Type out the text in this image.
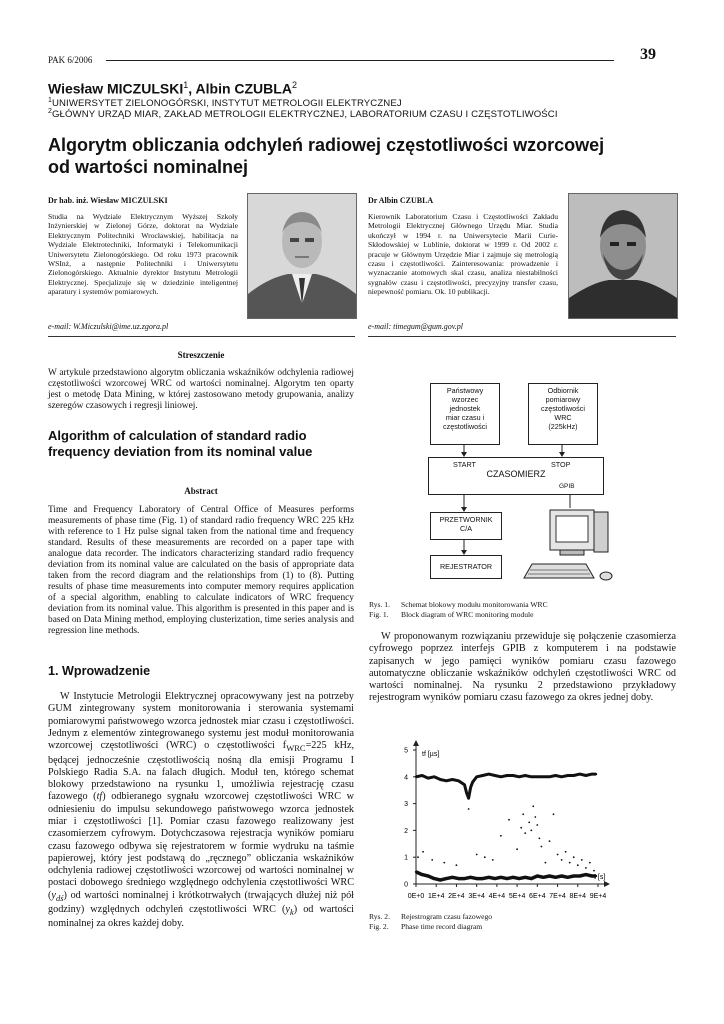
PAK 6/2006	39
Wiesław MICZULSKI$^1$, Albin CZUBLA$^2$
$^1$UNIWERSYTET ZIELONOGÓRSKI, INSTYTUT METROLOGII ELEKTRYCZNEJ
$^2$GŁÓWNY URZĄD MIAR, ZAKŁAD METROLOGII ELEKTRYCZNEJ, LABORATORIUM CZASU I CZĘSTOTLIWOŚCI
Algorytm obliczania odchyleń radiowej częstotliwości wzorcowej od wartości nominalnej
Dr hab. inż. Wiesław MICZULSKI
Studia na Wydziale Elektrycznym Wyższej Szkoły Inżynierskiej w Zielonej Górze, doktorat na Wydziale Elektrycznym Politechniki Wrocławskiej, habilitacja na Wydziale Elektrotechniki, Informatyki i Telekomunikacji Uniwersytetu Zielonogórskiego. Od roku 1973 pracownik WSInż, a następnie Politechniki i Uniwersytetu Zielonogórskiego. Aktualnie dyrektor Instytutu Metrologii Elektrycznej. Specjalizuje się w dziedzinie inteligentnej aparatury i systemów pomiarowych.
e-mail: W.Miczulski@ime.uz.zgora.pl
Dr Albin CZUBLA
Kierownik Laboratorium Czasu i Częstotliwości Zakładu Metrologii Elektrycznej Głównego Urzędu Miar. Studia ukończył w 1994 r. na Uniwersytecie Marii Curie-Skłodowskiej w Lublinie, doktorat w 1999 r. Od 2002 r. pracuje w Głównym Urzędzie Miar i zajmuje się metrologią czasu i częstotliwości. Zainteresowania: prowadzenie i wyznaczanie atomowych skal czasu, analiza niestabilności sygnałów czasu i częstotliwości, precyzyjny transfer czasu, niepewność pomiaru. Ok. 10 publikacji.
e-mail: timegum@gum.gov.pl
Streszczenie
W artykule przedstawiono algorytm obliczania wskaźników odchylenia radiowej częstotliwości wzorcowej WRC od wartości nominalnej. Algorytm ten oparty jest o metodę Data Mining, w której zastosowano metody grupowania, analizy szeregów czasowych i regresji liniowej.
Algorithm of calculation of standard radio frequency deviation from its nominal value
Abstract
Time and Frequency Laboratory of Central Office of Measures performs measurements of phase time (Fig. 1) of standard radio frequency WRC 225 kHz with reference to 1 Hz pulse signal taken from the national time and frequency standard. Results of these measurements are recorded on a paper tape with analogue data recorder. The indicators characterizing standard radio frequency deviation from its nominal value are calculated on the basis of appropriate data taken from the record diagram and the relationships from (1) to (8). Putting results of phase time measurements into computer memory requires application of a special algorithm, enabling to calculate indicators of WRC frequency deviation from its nominal value. This algorithm is presented in this paper and is based on Data Mining method, employing clusterization, time series analysis and regression line methods.
1. Wprowadzenie
W Instytucie Metrologii Elektrycznej opracowywany jest na potrzeby GUM zintegrowany system monitorowania i sterowania systemami pomiarowymi państwowego wzorca jednostek miar czasu i częstotliwości. Jednym z elementów zintegrowanego systemu jest moduł monitorowania wzorcowej częstotliwości (WRC) o częstotliwości $f_{WRC}=225$ kHz, będącej jednocześnie częstotliwością nośną dla emisji Programu I Polskiego Radia S.A. na falach długich. Moduł ten, którego schemat blokowy przedstawiono na rysunku 1, umożliwia rejestrację czasu fazowego (tf) odbieranego sygnału wzorcowej częstotliwości WRC w odniesieniu do impulsu sekundowego państwowego wzorca jednostek miar i częstotliwości [1]. Pomiar czasu fazowego realizowany jest czasomierzem cyfrowym. Dotychczasowa rejestracja wyników pomiaru czasu fazowego odbywa się rejestratorem w formie wydruku na taśmie papierowej, który jest podstawą do „ręcznego” obliczania wskaźników odchylenia radiowej częstotliwości wzorcowej od wartości nominalnej w postaci dobowego średniego względnego odchylenia częstotliwości WRC $(y_{dś})$ od wartości nominalnej i krótkotrwałych (trwających dłużej niż pół godziny) względnych odchyleń częstotliwości WRC $(y_k)$ od wartości nominalnej za okres każdej doby.
Państwowy
wzorzec
jednostek
miar czasu i
częstotliwości
Odbiornik
pomiarowy
częstotliwości
WRC
(225kHz)
START	STOP
CZASOMIERZ
GPIB
PRZETWORNIK
C/A
REJESTRATOR
Rys. 1. Schemat blokowy modułu monitorowania WRC
Fig. 1. Block diagram of WRC monitoring module
W proponowanym rozwiązaniu przewiduje się połączenie czasomierza cyfrowego poprzez interfejs GPIB z komputerem i na podstawie zapisanych w jego pamięci wyników pomiaru czasu fazowego automatyczne obliczanie wskaźników odchyleń częstotliwości WRC od wartości nominalnej. Na rysunku 2 przedstawiono przykładowy rejestrogram wyników pomiaru czasu fazowego za okres jednej doby.
0
1
2
3
4
5
0E+0 1E+4 2E+4 3E+4 4E+4 5E+4 6E+4 7E+4 8E+4 9E+4
tf [µs]
t [s]
Rys. 2. Rejestrogram czasu fazowego
Fig. 2. Phase time record diagram
